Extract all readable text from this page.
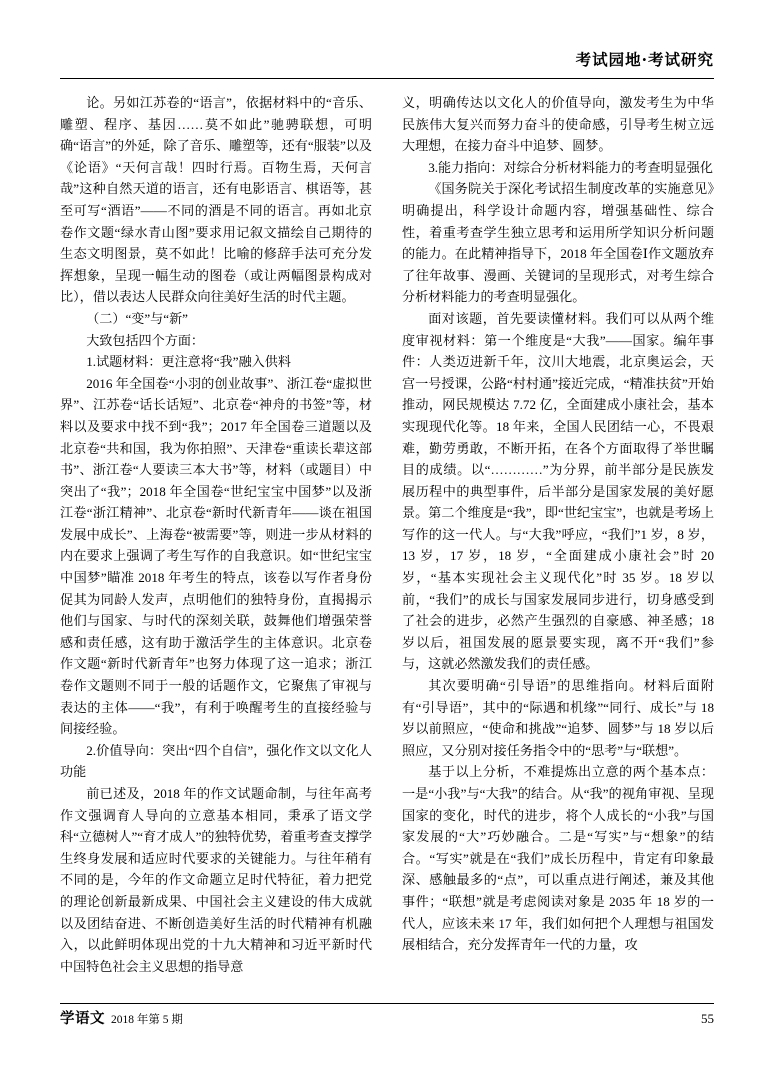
考试园地·考试研究

论。另如江苏卷的“语言”，依据材料中的“音乐、雕塑、程序、基因……莫不如此”驰骋联想，可明确“语言”的外延，除了音乐、雕塑等，还有“服装”以及《论语》“天何言哉！四时行焉。百物生焉，天何言哉”这种自然天道的语言，还有电影语言、棋语等，甚至可写“酒语”——不同的酒是不同的语言。再如北京卷作文题“绿水青山图”要求用记叙文描绘自己期待的生态文明图景，莫不如此！比喻的修辞手法可充分发挥想象，呈现一幅生动的图卷（或让两幅图景构成对比），借以表达人民群众向往美好生活的时代主题。

（二）“变”与“新”

大致包括四个方面：

1.试题材料：更注意将“我”融入供料

2016 年全国卷“小羽的创业故事”、浙江卷“虚拟世界”、江苏卷“话长话短”、北京卷“神舟的书签”等，材料以及要求中找不到“我”；2017 年全国卷三道题以及北京卷“共和国，我为你拍照”、天津卷“重读长辈这部书”、浙江卷“人要读三本大书”等，材料（或题目）中突出了“我”；2018 年全国卷“世纪宝宝中国梦”以及浙江卷“浙江精神”、北京卷“新时代新青年——谈在祖国发展中成长”、上海卷“被需要”等，则进一步从材料的内在要求上强调了考生写作的自我意识。如“世纪宝宝中国梦”瞄准 2018 年考生的特点，该卷以写作者身份促其为同龄人发声，点明他们的独特身份，直揭揭示他们与国家、与时代的深刻关联，鼓舞他们增强荣誉感和责任感，这有助于激活学生的主体意识。北京卷作文题“新时代新青年”也努力体现了这一追求；浙江卷作文题则不同于一般的话题作文，它聚焦了审视与表达的主体——“我”，有利于唤醒考生的直接经验与间接经验。

2.价值导向：突出“四个自信”，强化作文以文化人功能

前已述及，2018 年的作文试题命制，与往年高考作文强调育人导向的立意基本相同，秉承了语文学科“立德树人”“育才成人”的独特优势，着重考查支撑学生终身发展和适应时代要求的关键能力。与往年稍有不同的是，今年的作文命题立足时代特征，着力把党的理论创新最新成果、中国社会主义建设的伟大成就以及团结奋进、不断创造美好生活的时代精神有机融入，以此鲜明体现出党的十九大精神和习近平新时代中国特色社会主义思想的指导意

义，明确传达以文化人的价值导向，激发考生为中华民族伟大复兴而努力奋斗的使命感，引导考生树立远大理想，在接力奋斗中追梦、圆梦。

3.能力指向：对综合分析材料能力的考查明显强化

《国务院关于深化考试招生制度改革的实施意见》明确提出，科学设计命题内容，增强基础性、综合性，着重考查学生独立思考和运用所学知识分析问题的能力。在此精神指导下，2018 年全国卷Ⅰ作文题放弃了往年故事、漫画、关键词的呈现形式，对考生综合分析材料能力的考查明显强化。

面对该题，首先要读懂材料。我们可以从两个维度审视材料：第一个维度是“大我”——国家。编年事件：人类迈进新千年，汶川大地震，北京奥运会，天宫一号授课，公路“村村通”接近完成，“精准扶贫”开始推动，网民规模达 7.72 亿，全面建成小康社会，基本实现现代化等。18 年来，全国人民团结一心，不畏艰难，勤劳勇敢，不断开拓，在各个方面取得了举世瞩目的成绩。以“…………”为分界，前半部分是民族发展历程中的典型事件，后半部分是国家发展的美好愿景。第二个维度是“我”，即“世纪宝宝”，也就是考场上写作的这一代人。与“大我”呼应，“我们”1 岁，8 岁，13 岁，17 岁，18 岁，“全面建成小康社会”时 20 岁，“基本实现社会主义现代化”时 35 岁。18 岁以前，“我们”的成长与国家发展同步进行，切身感受到了社会的进步，必然产生强烈的自豪感、神圣感；18 岁以后，祖国发展的愿景要实现，离不开“我们”参与，这就必然激发我们的责任感。

其次要明确“引导语”的思维指向。材料后面附有“引导语”，其中的“际遇和机缘”“同行、成长”与 18 岁以前照应，“使命和挑战”“追梦、圆梦”与 18 岁以后照应，又分别对接任务指令中的“思考”与“联想”。

基于以上分析，不难提炼出立意的两个基本点：一是“小我”与“大我”的结合。从“我”的视角审视、呈现国家的变化，时代的进步，将个人成长的“小我”与国家发展的“大”巧妙融合。二是“写实”与“想象”的结合。“写实”就是在“我们”成长历程中，肯定有印象最深、感触最多的“点”，可以重点进行阐述，兼及其他事件；“联想”就是考虑阅读对象是 2035 年 18 岁的一代人，应该未来 17 年，我们如何把个人理想与祖国发展相结合，充分发挥青年一代的力量，攻

学语文 2018 年第 5 期	55
